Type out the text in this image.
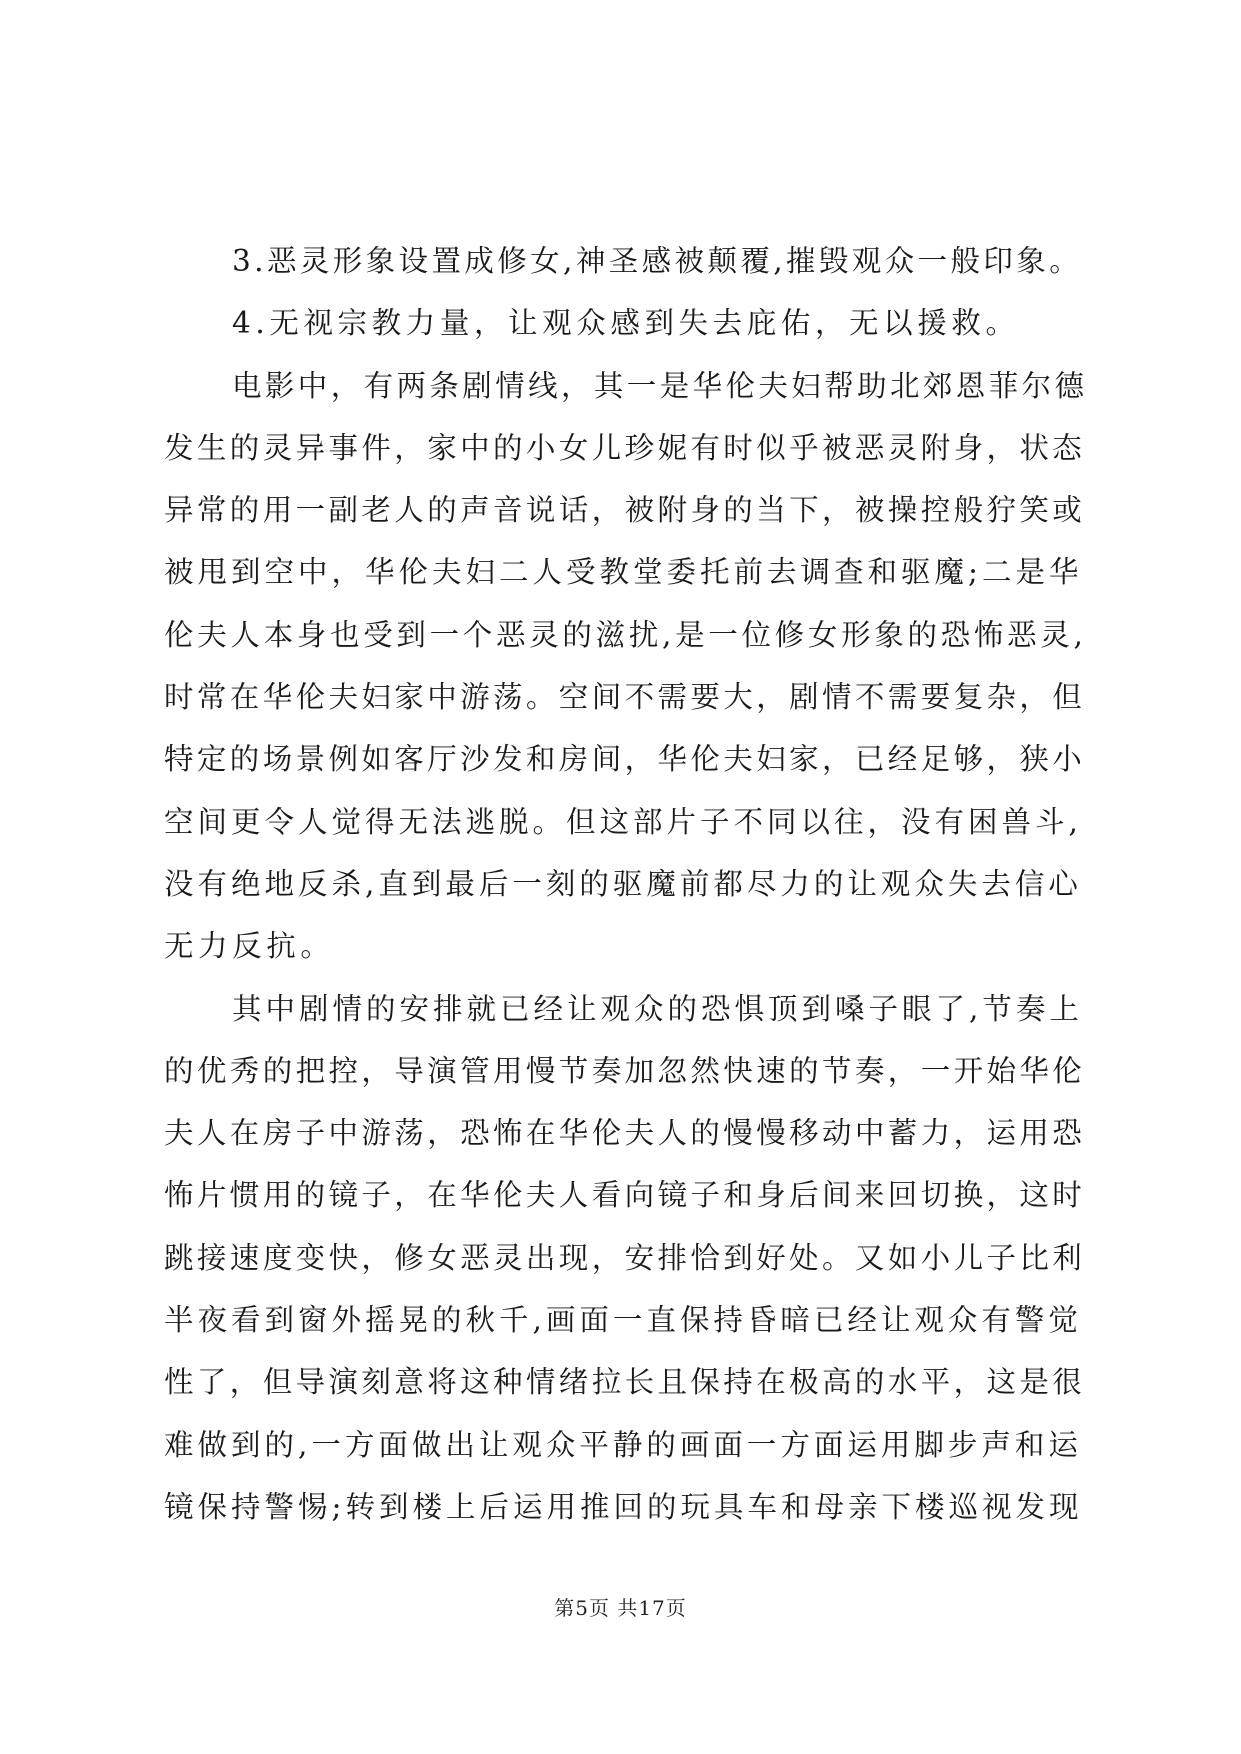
3.恶灵形象设置成修女,神圣感被颠覆,摧毁观众一般印象。
4.无视宗教力量，让观众感到失去庇佑，无以援救。
电影中，有两条剧情线，其一是华伦夫妇帮助北郊恩菲尔德
发生的灵异事件，家中的小女儿珍妮有时似乎被恶灵附身，状态
异常的用一副老人的声音说话，被附身的当下，被操控般狞笑或
被甩到空中，华伦夫妇二人受教堂委托前去调查和驱魔;二是华
伦夫人本身也受到一个恶灵的滋扰,是一位修女形象的恐怖恶灵,
时常在华伦夫妇家中游荡。空间不需要大，剧情不需要复杂，但
特定的场景例如客厅沙发和房间，华伦夫妇家，已经足够，狭小
空间更令人觉得无法逃脱。但这部片子不同以往，没有困兽斗,
没有绝地反杀,直到最后一刻的驱魔前都尽力的让观众失去信心
无力反抗。
其中剧情的安排就已经让观众的恐惧顶到嗓子眼了,节奏上
的优秀的把控，导演管用慢节奏加忽然快速的节奏，一开始华伦
夫人在房子中游荡，恐怖在华伦夫人的慢慢移动中蓄力，运用恐
怖片惯用的镜子，在华伦夫人看向镜子和身后间来回切换，这时
跳接速度变快，修女恶灵出现，安排恰到好处。又如小儿子比利
半夜看到窗外摇晃的秋千,画面一直保持昏暗已经让观众有警觉
性了，但导演刻意将这种情绪拉长且保持在极高的水平，这是很
难做到的,一方面做出让观众平静的画面一方面运用脚步声和运
镜保持警惕;转到楼上后运用推回的玩具车和母亲下楼巡视发现
第5页 共17页
